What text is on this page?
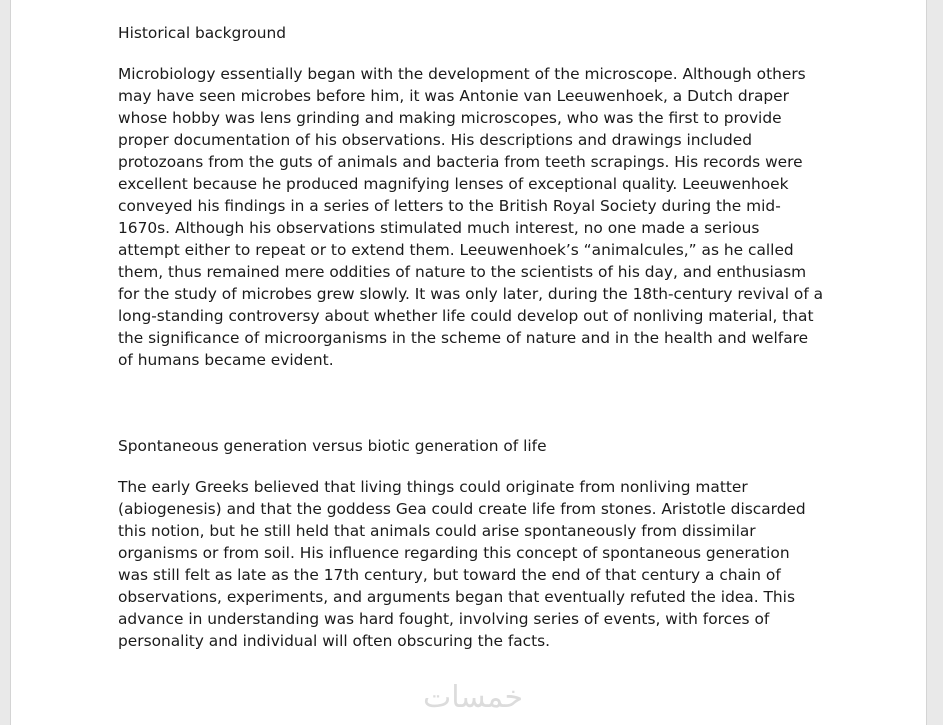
Historical background

Microbiology essentially began with the development of the microscope. Although others
may have seen microbes before him, it was Antonie van Leeuwenhoek, a Dutch draper
whose hobby was lens grinding and making microscopes, who was the first to provide
proper documentation of his observations. His descriptions and drawings included
protozoans from the guts of animals and bacteria from teeth scrapings. His records were
excellent because he produced magnifying lenses of exceptional quality. Leeuwenhoek
conveyed his findings in a series of letters to the British Royal Society during the mid-
1670s. Although his observations stimulated much interest, no one made a serious
attempt either to repeat or to extend them. Leeuwenhoek’s “animalcules,” as he called
them, thus remained mere oddities of nature to the scientists of his day, and enthusiasm
for the study of microbes grew slowly. It was only later, during the 18th-century revival of a
long-standing controversy about whether life could develop out of nonliving material, that
the significance of microorganisms in the scheme of nature and in the health and welfare
of humans became evident.

Spontaneous generation versus biotic generation of life

The early Greeks believed that living things could originate from nonliving matter
(abiogenesis) and that the goddess Gea could create life from stones. Aristotle discarded
this notion, but he still held that animals could arise spontaneously from dissimilar
organisms or from soil. His influence regarding this concept of spontaneous generation
was still felt as late as the 17th century, but toward the end of that century a chain of
observations, experiments, and arguments began that eventually refuted the idea. This
advance in understanding was hard fought, involving series of events, with forces of
personality and individual will often obscuring the facts.

خمسات
